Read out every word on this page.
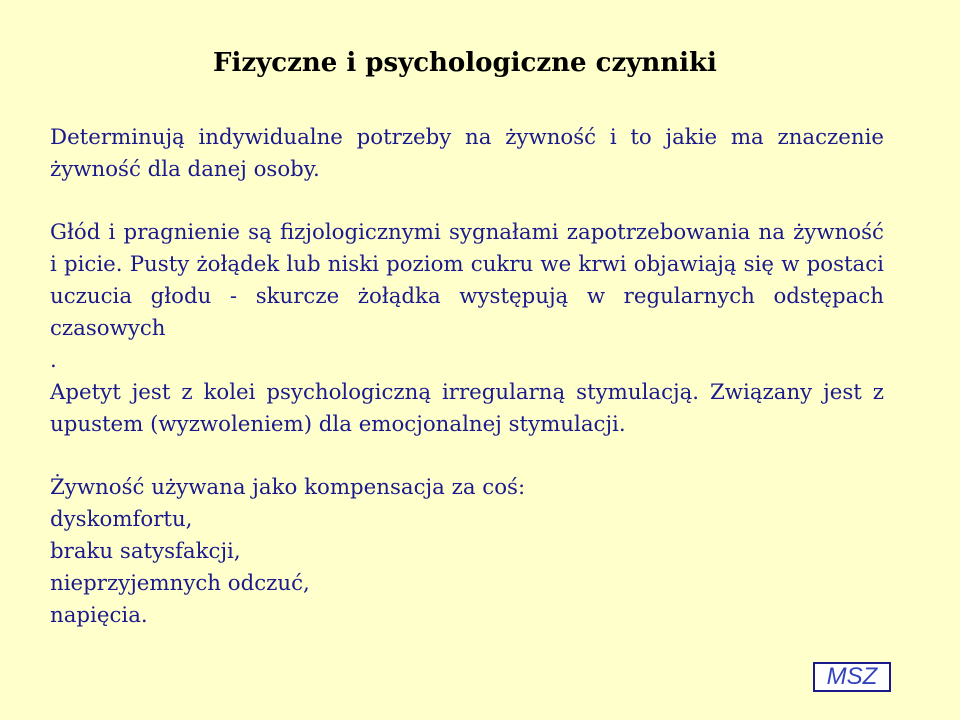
Fizyczne i psychologiczne czynniki

Determinują indywidualne potrzeby na żywność i to jakie ma znaczenie żywność dla danej osoby.

Głód i pragnienie są fizjologicznymi sygnałami zapotrzebowania na żywność i picie. Pusty żołądek lub niski poziom cukru we krwi objawiają się w postaci uczucia głodu - skurcze żołądka występują w regularnych odstępach czasowych

.

Apetyt jest z kolei psychologiczną irregularną stymulacją. Związany jest z upustem (wyzwoleniem) dla emocjonalnej stymulacji.

Żywność używana jako kompensacja za coś:

dyskomfortu,

braku satysfakcji,

nieprzyjemnych odczuć,

napięcia.

MSZ
